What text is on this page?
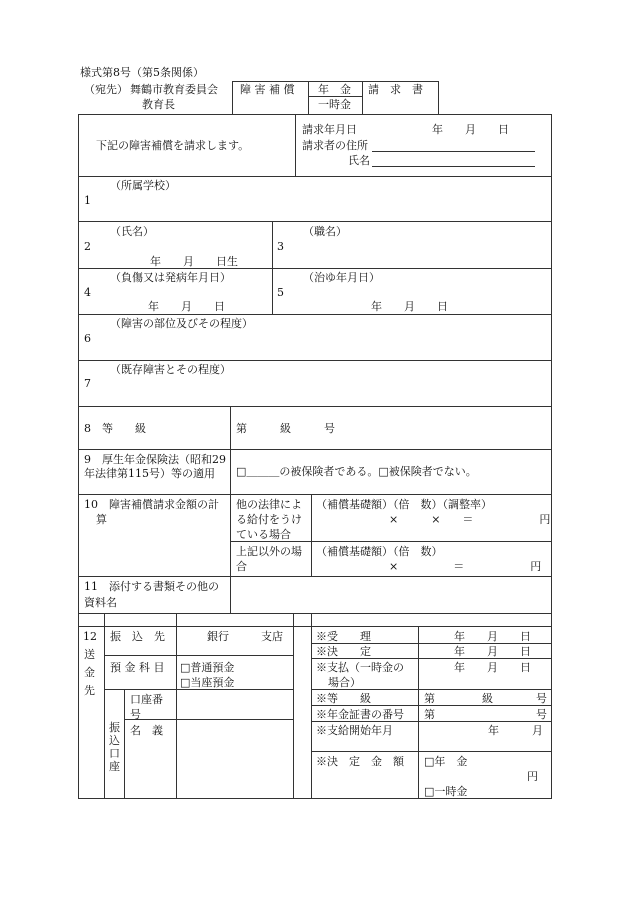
様式第8号（第5条関係）
（宛先） 舞鶴市教育委員会
教育長
障 害 補 償 年　金
一時金
請　求　書
下記の障害補償を請求します。
請求年月日	年　　月　　日
請求者の住所
氏名
（所属学校）
1
（氏名）
2
年　　月　　日生
（職名）
3
（負傷又は発病年月日）
4
年　　月　　日
（治ゆ年月日）
5
年　　月　　日
（障害の部位及びその程度）
6
（既存障害とその程度）
7
8　等　　級	第　　　級　　　号
9　厚生年金保険法（昭和29
年法律第115号）等の適用 □＿＿＿の被保険者である。□被保険者でない。
10　障害補償請求金額の計
算
他の法律によ
る給付をうけ
ている場合
（補償基礎額）（倍　数）（調整率）
×　　　×　　＝　　　　　　円
上記以外の場
合
（補償基礎額）（倍　数）
×　　　　　＝　　　　　　円
11　添付する書類その他の
資料名
12
送
金
先
振　込　先	銀行	支店
預 金 科 目 □普通預金
□当座預金
振
込
口
座
口座番
号
名　義
※受　　理	年　　月　　日
※決　　定	年　　月　　日
※支払（一時金の
場合）
年　　月　　日
※等　　級	第	級	号
※年金証書の番号 第	号
※支給開始年月	年　　　月
※決　定　金　額 □年　金
円
□一時金
